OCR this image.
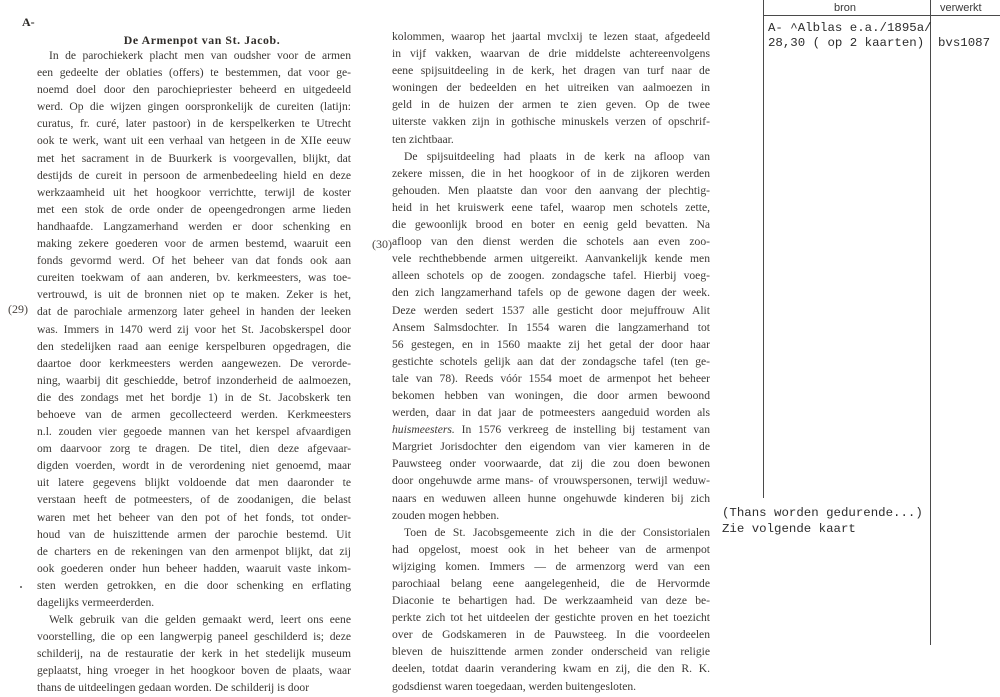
A-
De Armenpot van St. Jacob.
In de parochiekerk placht men van oudsher voor de armen
een gedeelte der oblaties (offers) te bestemmen, dat voor ge-
noemd doel door den parochiepriester beheerd en uitgedeeld
werd. Op die wijzen gingen oorspronkelijk de cureiten (latijn:
curatus, fr. curé, later pastoor) in de kerspelkerken te Utrecht
ook te werk, want uit een verhaal van hetgeen in de XIIe eeuw
met het sacrament in de Buurkerk is voorgevallen, blijkt, dat
destijds de cureit in persoon de armenbedeeling hield en deze
werkzaamheid uit het hoogkoor verrichtte, terwijl de koster
met een stok de orde onder de opeengedrongen arme lieden
handhaafde. Langzamerhand werden er door schenking en
making zekere goederen voor de armen bestemd, waaruit een
fonds gevormd werd. Of het beheer van dat fonds ook aan
cureiten toekwam of aan anderen, bv. kerkmeesters, was toe-
vertrouwd, is uit de bronnen niet op te maken. Zeker is het,
dat de parochiale armenzorg later geheel in handen der leeken
was. Immers in 1470 werd zij voor het St. Jacobskerspel door
den stedelijken raad aan eenige kerspelburen opgedragen, die
daartoe door kerkmeesters werden aangewezen. De verorde-
ning, waarbij dit geschiedde, betrof inzonderheid de aalmoezen,
die des zondags met het bordje 1) in de St. Jacobskerk ten
behoeve van de armen gecollecteerd werden. Kerkmeesters
n.l. zouden vier gegoede mannen van het kerspel afvaardigen
om daarvoor zorg te dragen. De titel, dien deze afgevaar-
digden voerden, wordt in de verordening niet genoemd, maar
uit latere gegevens blijkt voldoende dat men daaronder te
verstaan heeft de potmeesters, of de zoodanigen, die belast
waren met het beheer van den pot of het fonds, tot onder-
houd van de huiszittende armen der parochie bestemd. Uit
de charters en de rekeningen van den armenpot blijkt, dat zij
ook goederen onder hun beheer hadden, waaruit vaste inkom-
sten werden getrokken, en die door schenking en erflating
dagelijks vermeerderden.
Welk gebruik van die gelden gemaakt werd, leert ons eene
voorstelling, die op een langwerpig paneel geschilderd is; deze
schilderij, na de restauratie der kerk in het stedelijk museum
geplaatst, hing vroeger in het hoogkoor boven de plaats, waar
thans de uitdeelingen gedaan worden. De schilderij is door
kolommen, waarop het jaartal mvclxij te lezen staat, afgedeeld
in vijf vakken, waarvan de drie middelste achtereenvolgens
eene spijsuitdeeling in de kerk, het dragen van turf naar de
woningen der bedeelden en het uitreiken van aalmoezen in
geld in de huizen der armen te zien geven. Op de twee
uiterste vakken zijn in gothische minuskels verzen of opschrif-
ten zichtbaar.
De spijsuitdeeling had plaats in de kerk na afloop van
zekere missen, die in het hoogkoor of in de zijkoren werden
gehouden. Men plaatste dan voor den aanvang der plechtig-
heid in het kruiswerk eene tafel, waarop men schotels zette,
die gewoonlijk brood en boter en eenig geld bevatten. Na
afloop van den dienst werden die schotels aan even zoo-
vele rechthebbende armen uitgereikt. Aanvankelijk kende men
alleen schotels op de zoogen. zondagsche tafel. Hierbij voeg-
den zich langzamerhand tafels op de gewone dagen der week.
Deze werden sedert 1537 alle gesticht door mejuffrouw Alit
Ansem Salmsdochter. In 1554 waren die langzamerhand tot
56 gestegen, en in 1560 maakte zij het getal der door haar
gestichte schotels gelijk aan dat der zondagsche tafel (ten ge-
tale van 78). Reeds vóór 1554 moet de armenpot het beheer
bekomen hebben van woningen, die door armen bewoond
werden, daar in dat jaar de potmeesters aangeduid worden als
huismeesters. In 1576 verkreeg de instelling bij testament van
Margriet Jorisdochter den eigendom van vier kameren in de
Pauwsteeg onder voorwaarde, dat zij die zou doen bewonen
door ongehuwde arme mans- of vrouwspersonen, terwijl weduw-
naars en weduwen alleen hunne ongehuwde kinderen bij zich
zouden mogen hebben.
Toen de St. Jacobsgemeente zich in die der Consistorialen
had opgelost, moest ook in het beheer van de armenpot
wijziging komen. Immers — de armenzorg werd van een
parochiaal belang eene aangelegenheid, die de Hervormde
Diaconie te behartigen had. De werkzaamheid van deze be-
perkte zich tot het uitdeelen der gestichte proven en het toezicht
over de Godskameren in de Pauwsteeg. In die voordeelen
bleven de huiszittende armen zonder onderscheid van religie
deelen, totdat daarin verandering kwam en zij, die den R. K.
godsdienst waren toegedaan, werden buitengesloten.
(29)
(30)
bron	verwerkt
A- ^Alblas e.a./1895a/
28,30 ( op 2 kaarten) bvs1087
(Thans worden gedurende...)
Zie volgende kaart
